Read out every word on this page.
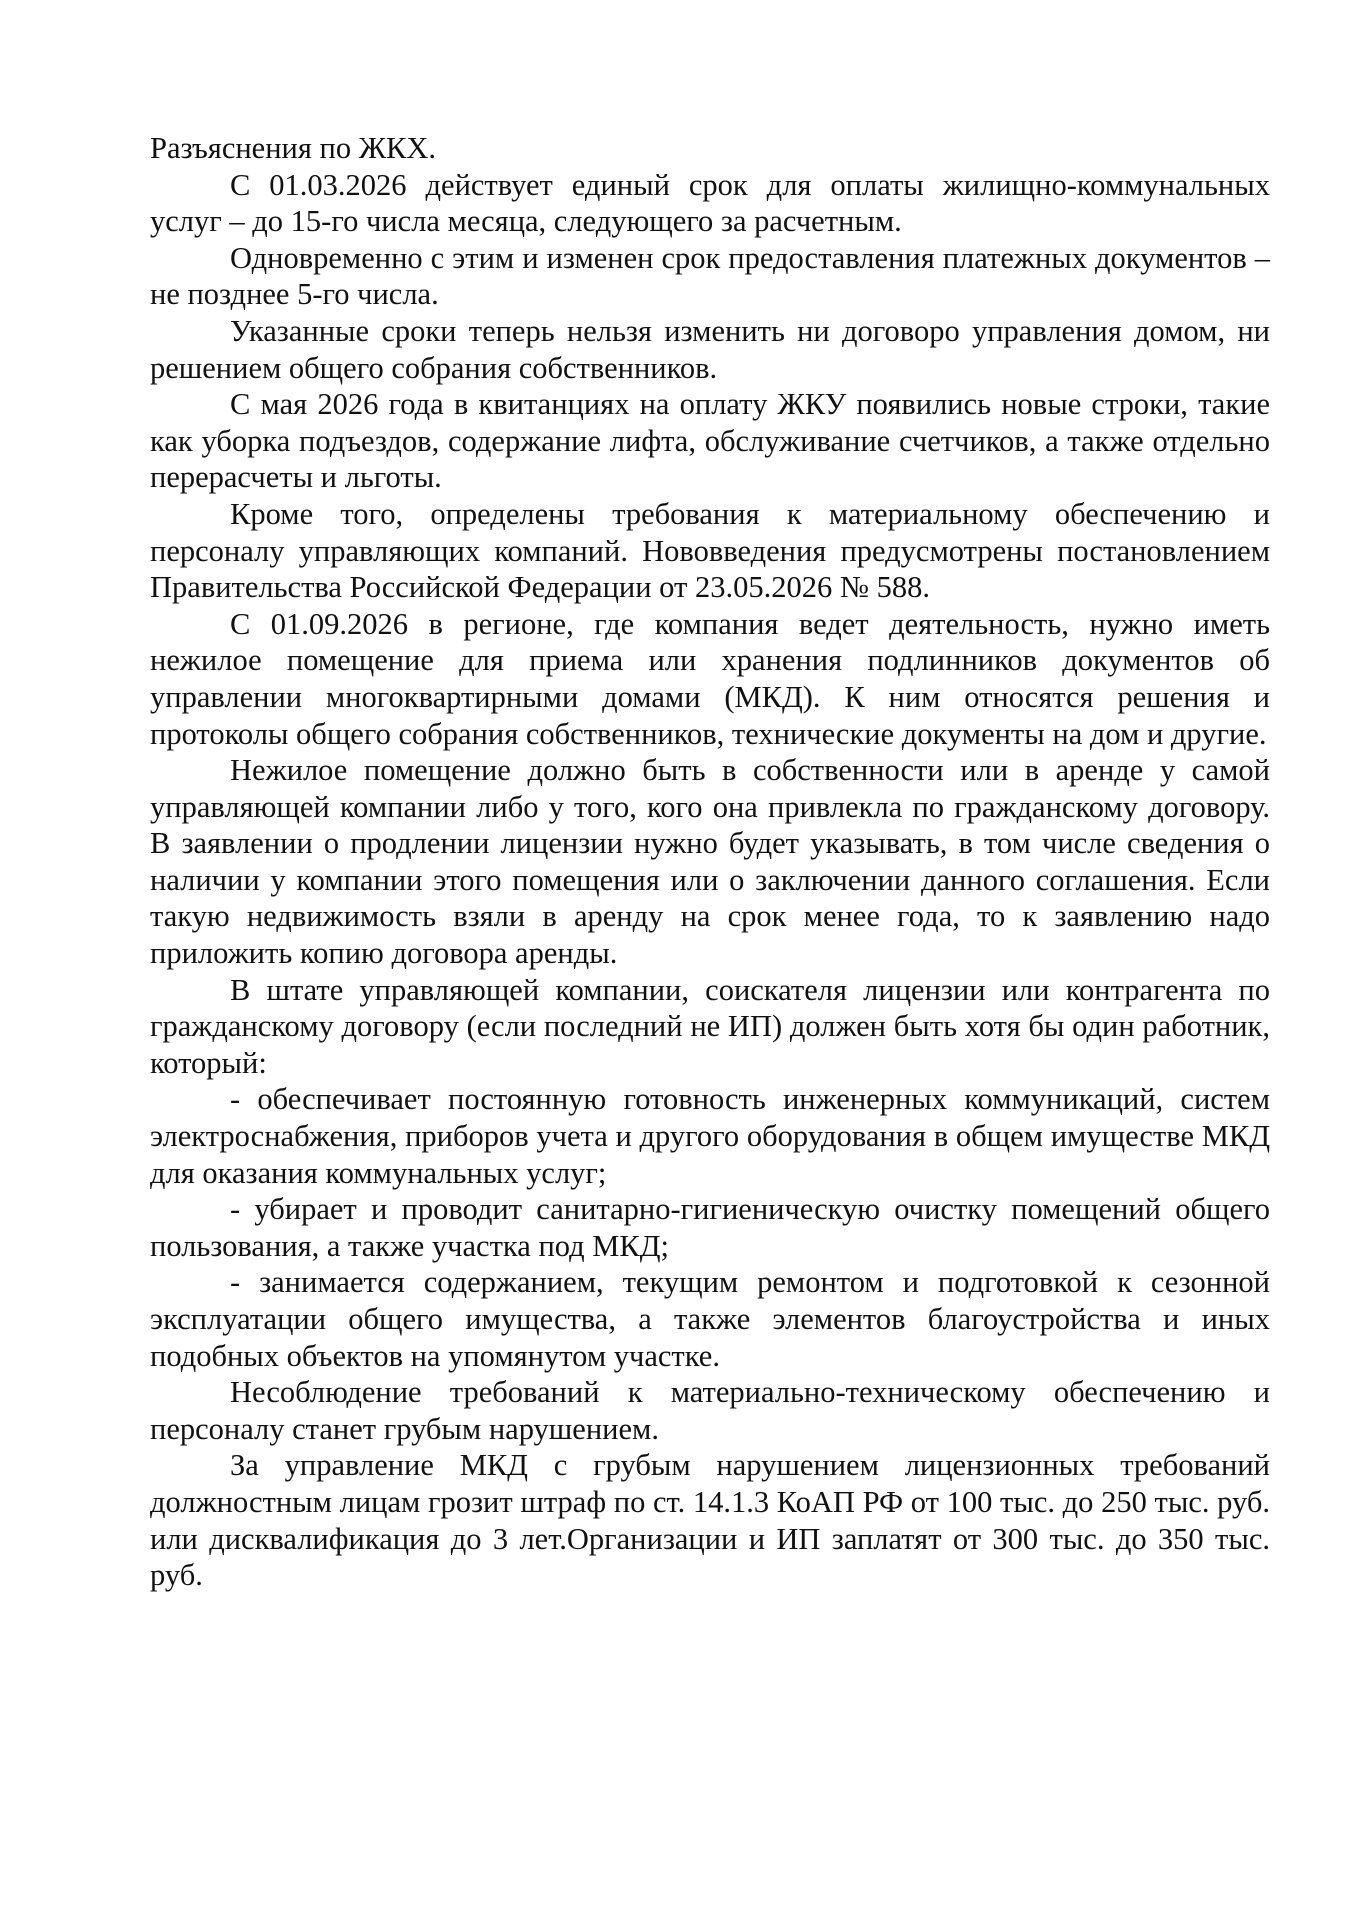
Разъяснения по ЖКХ.

С 01.03.2026 действует единый срок для оплаты жилищно-коммунальных услуг – до 15-го числа месяца, следующего за расчетным.

Одновременно с этим и изменен срок предоставления платежных документов – не позднее 5-го числа.

Указанные сроки теперь нельзя изменить ни договоро управления домом, ни решением общего собрания собственников.

С мая 2026 года в квитанциях на оплату ЖКУ появились новые строки, такие как уборка подъездов, содержание лифта, обслуживание счетчиков, а также отдельно перерасчеты и льготы.

Кроме того, определены требования к материальному обеспечению и персоналу управляющих компаний. Нововведения предусмотрены постановлением Правительства Российской Федерации от 23.05.2026 № 588.

С 01.09.2026 в регионе, где компания ведет деятельность, нужно иметь нежилое помещение для приема или хранения подлинников документов об управлении многоквартирными домами (МКД). К ним относятся решения и протоколы общего собрания собственников, технические документы на дом и другие.

Нежилое помещение должно быть в собственности или в аренде у самой управляющей компании либо у того, кого она привлекла по гражданскому договору. В заявлении о продлении лицензии нужно будет указывать, в том числе сведения о наличии у компании этого помещения или о заключении данного соглашения. Если такую недвижимость взяли в аренду на срок менее года, то к заявлению надо приложить копию договора аренды.

В штате управляющей компании, соискателя лицензии или контрагента по гражданскому договору (если последний не ИП) должен быть хотя бы один работник, который:

- обеспечивает постоянную готовность инженерных коммуникаций, систем электроснабжения, приборов учета и другого оборудования в общем имуществе МКД для оказания коммунальных услуг;

- убирает и проводит санитарно-гигиеническую очистку помещений общего пользования, а также участка под МКД;

- занимается содержанием, текущим ремонтом и подготовкой к сезонной эксплуатации общего имущества, а также элементов благоустройства и иных подобных объектов на упомянутом участке.

Несоблюдение требований к материально-техническому обеспечению и персоналу станет грубым нарушением.

За управление МКД с грубым нарушением лицензионных требований должностным лицам грозит штраф по ст. 14.1.3 КоАП РФ от 100 тыс. до 250 тыс. руб. или дисквалификация до 3 лет.Организации и ИП заплатят от 300 тыс. до 350 тыс. руб.
